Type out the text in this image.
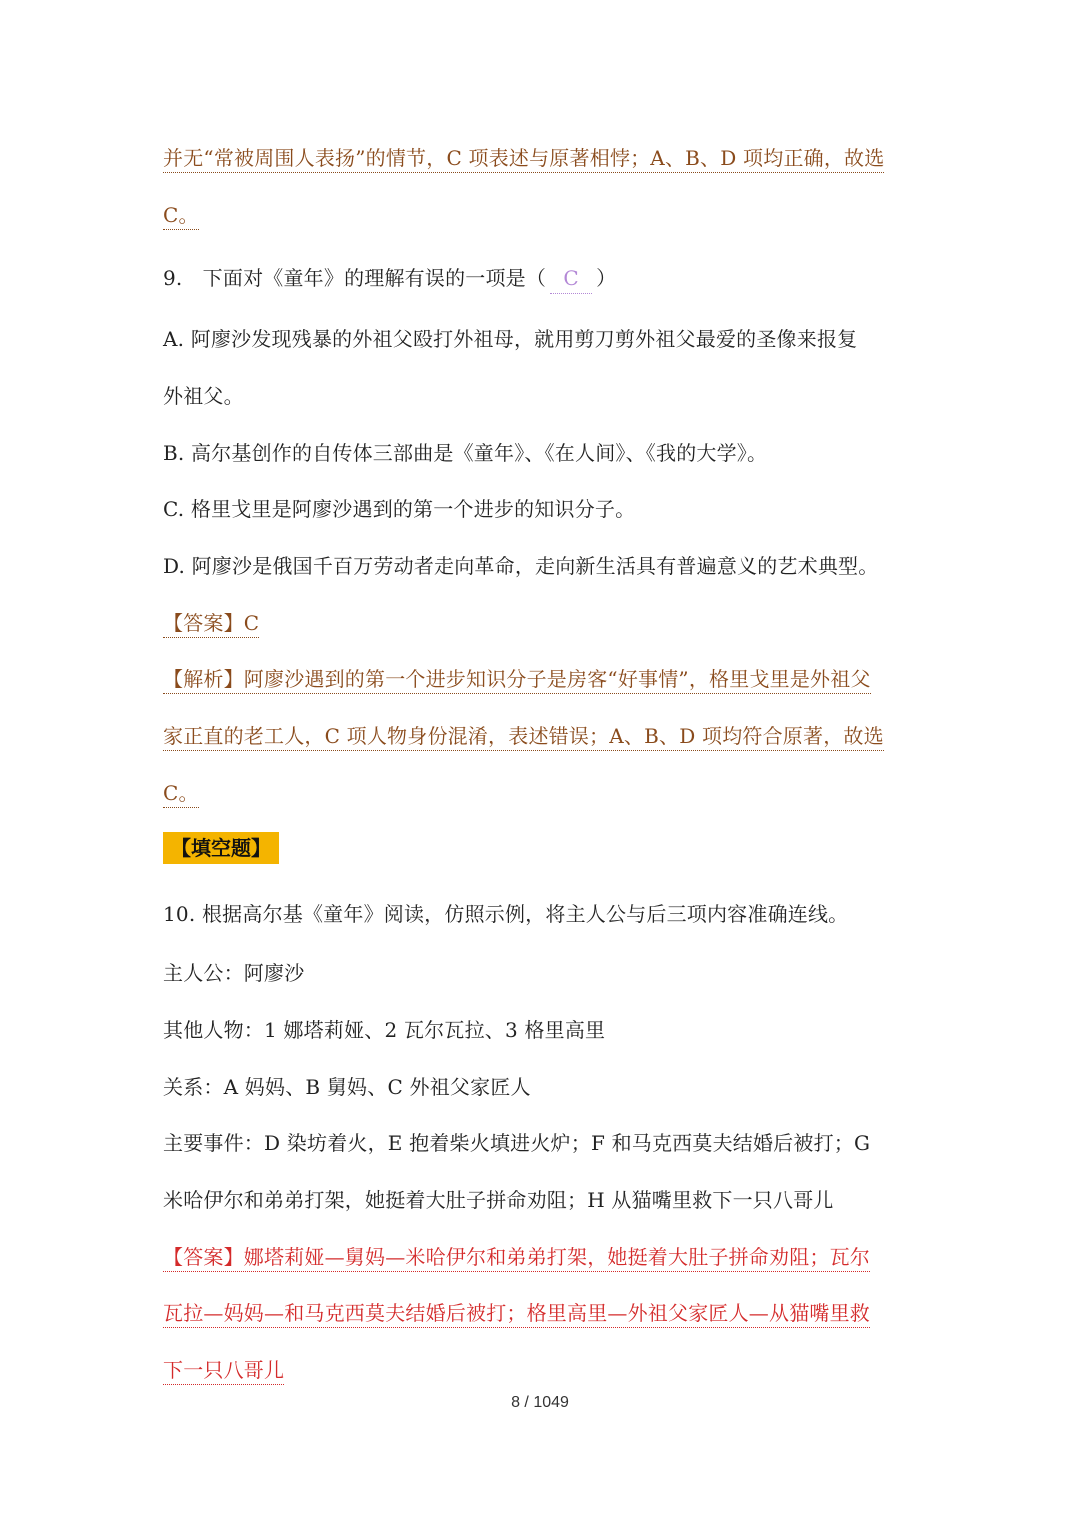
并无“常被周围人表扬”的情节，C 项表述与原著相悖；A、B、D 项均正确，故选
C。
9.　下面对《童年》的理解有误的一项是（ C ）
A. 阿廖沙发现残暴的外祖父殴打外祖母，就用剪刀剪外祖父最爱的圣像来报复
外祖父。
B. 高尔基创作的自传体三部曲是《童年》、《在人间》、《我的大学》。
C. 格里戈里是阿廖沙遇到的第一个进步的知识分子。
D. 阿廖沙是俄国千百万劳动者走向革命，走向新生活具有普遍意义的艺术典型。
【答案】C
【解析】阿廖沙遇到的第一个进步知识分子是房客“好事情”，格里戈里是外祖父
家正直的老工人，C 项人物身份混淆，表述错误；A、B、D 项均符合原著，故选
C。
【填空题】
10. 根据高尔基《童年》阅读，仿照示例，将主人公与后三项内容准确连线。
主人公：阿廖沙
其他人物：1 娜塔莉娅、2 瓦尔瓦拉、3 格里高里
关系：A 妈妈、B 舅妈、C 外祖父家匠人
主要事件：D 染坊着火，E 抱着柴火填进火炉；F 和马克西莫夫结婚后被打；G
米哈伊尔和弟弟打架，她挺着大肚子拼命劝阻；H 从猫嘴里救下一只八哥儿
【答案】娜塔莉娅—舅妈—米哈伊尔和弟弟打架，她挺着大肚子拼命劝阻；瓦尔
瓦拉—妈妈—和马克西莫夫结婚后被打；格里高里—外祖父家匠人—从猫嘴里救
下一只八哥儿
8 / 1049
